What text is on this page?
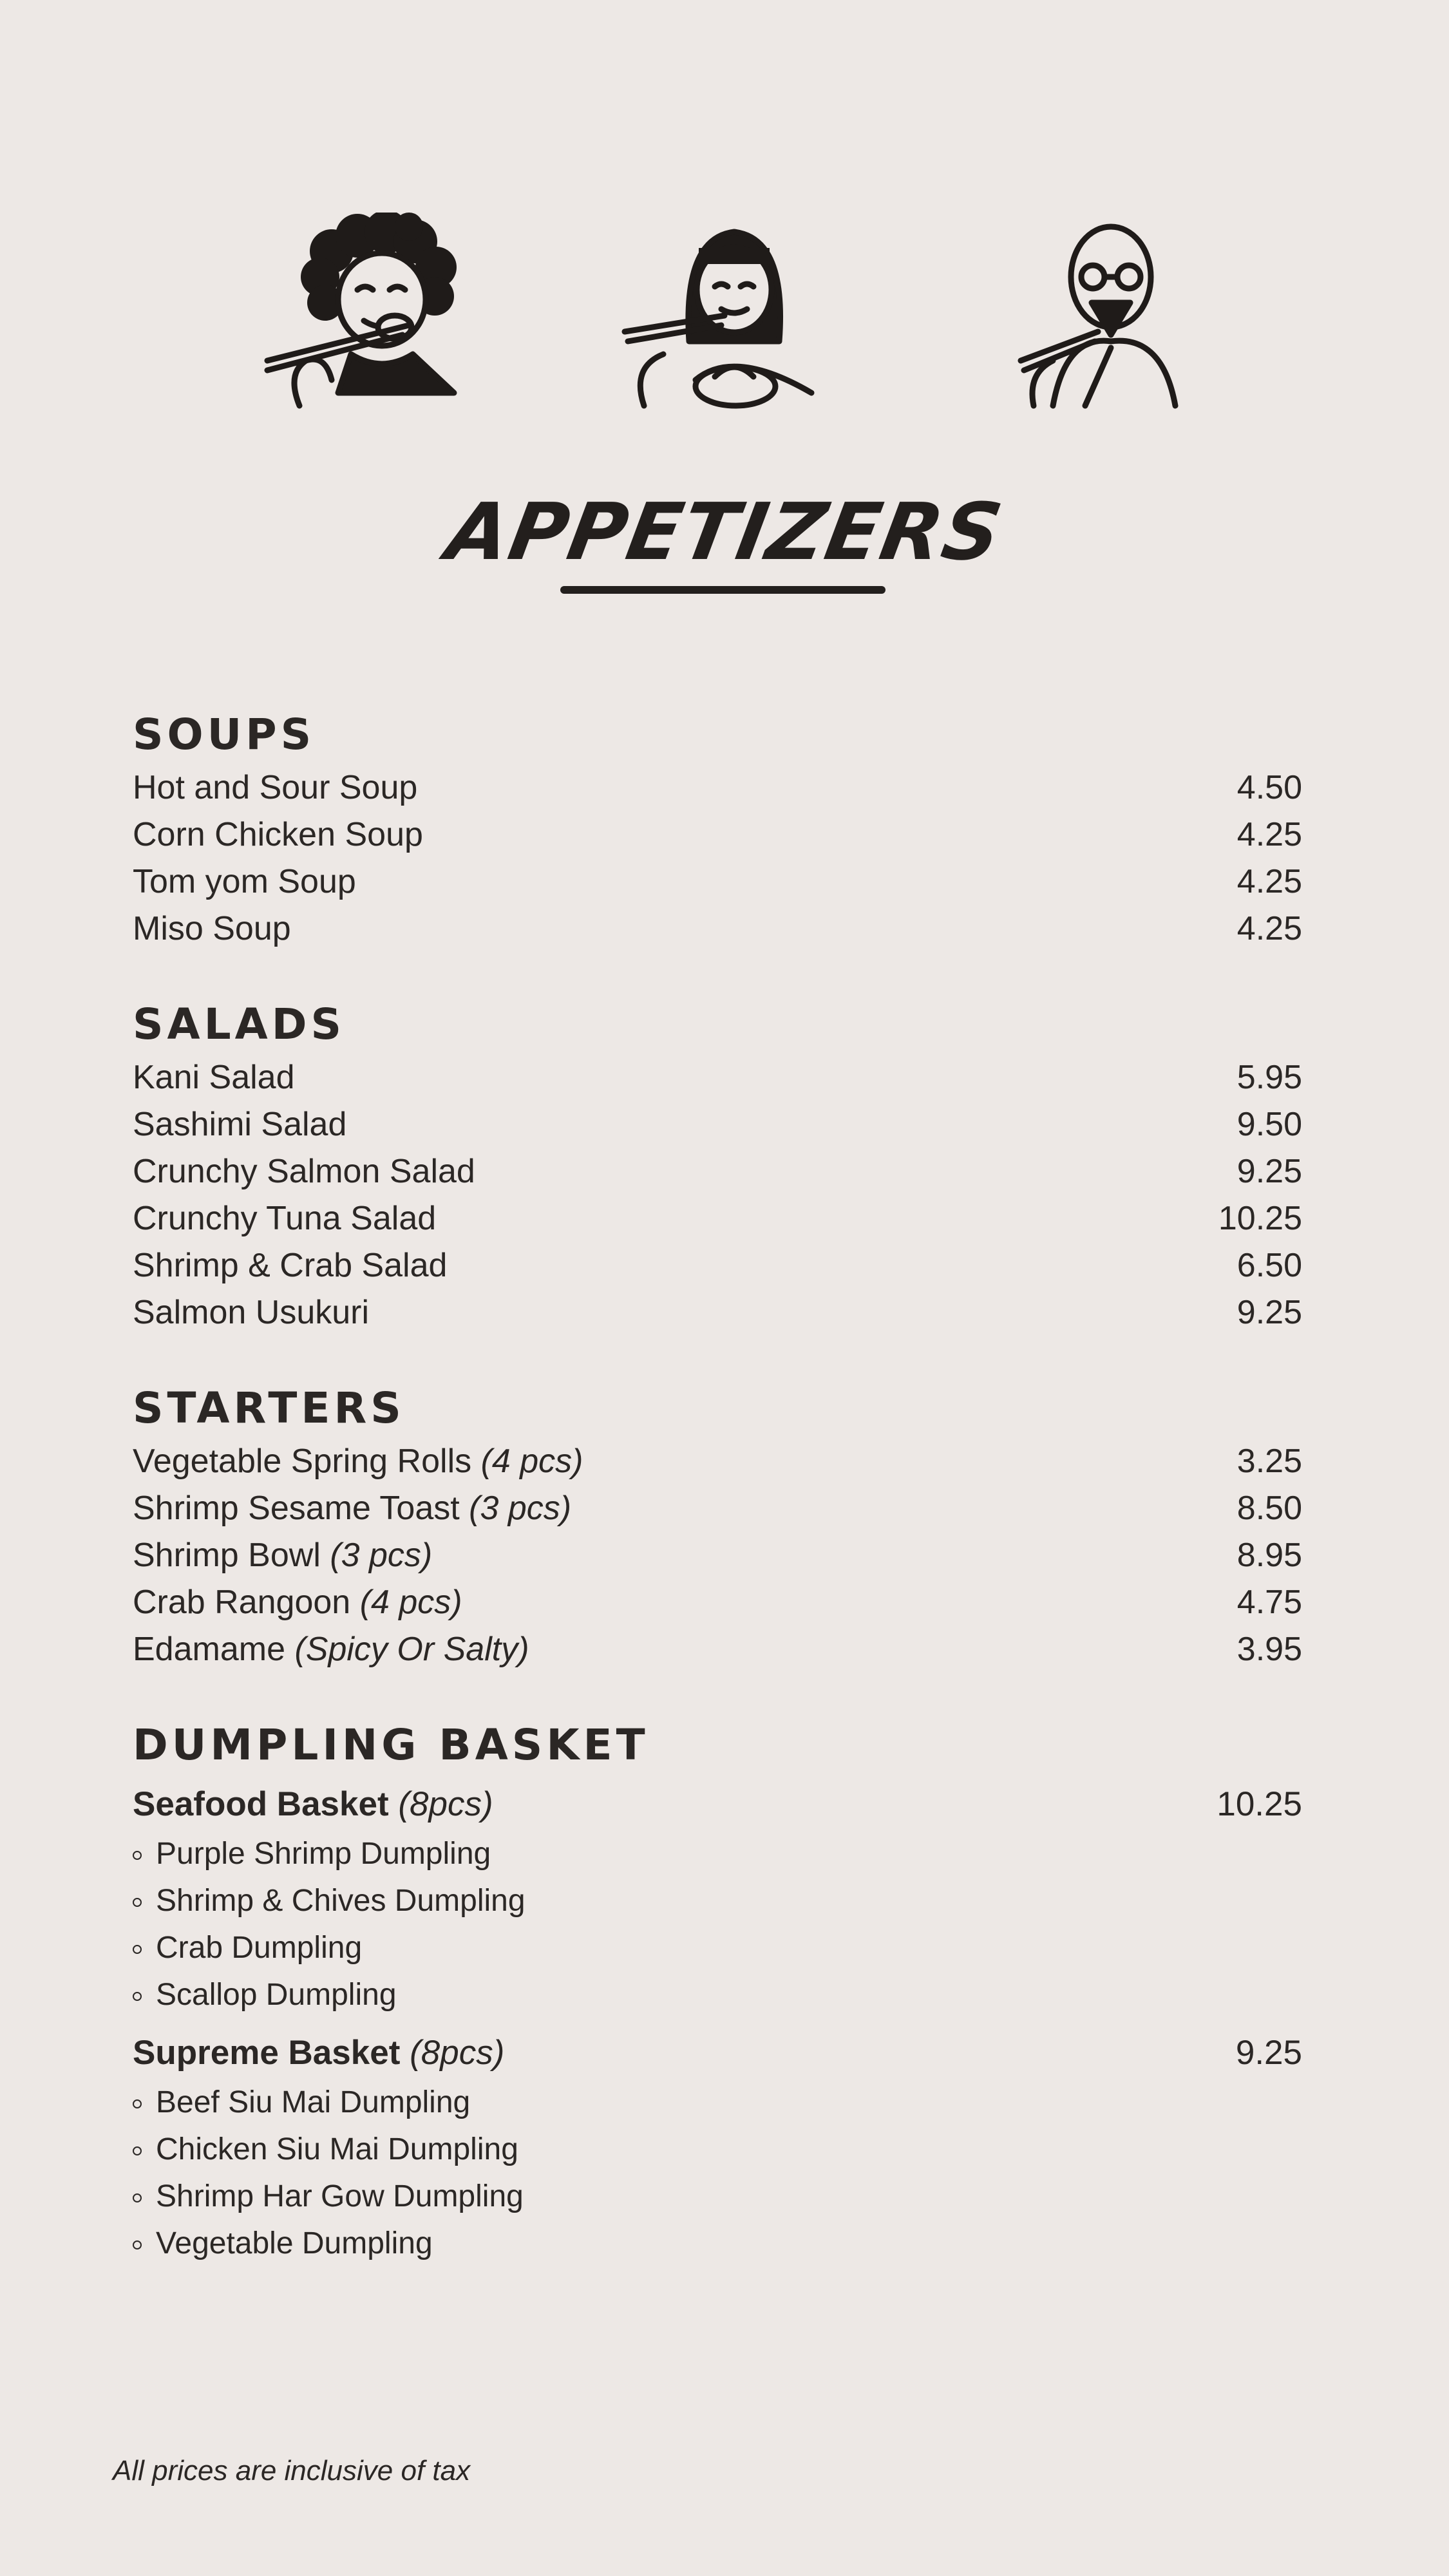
APPETIZERS
SOUPS
Hot and Sour Soup	4.50
Corn Chicken Soup	4.25
Tom yom Soup	4.25
Miso Soup	4.25
SALADS
Kani Salad	5.95
Sashimi Salad	9.50
Crunchy Salmon Salad	9.25
Crunchy Tuna Salad	10.25
Shrimp & Crab Salad	6.50
Salmon Usukuri	9.25
STARTERS
Vegetable Spring Rolls (4 pcs)	3.25
Shrimp Sesame Toast (3 pcs)	8.50
Shrimp Bowl (3 pcs)	8.95
Crab Rangoon (4 pcs)	4.75
Edamame (Spicy Or Salty)	3.95
DUMPLING BASKET
Seafood Basket (8pcs)	10.25
Purple Shrimp Dumpling
Shrimp & Chives Dumpling
Crab Dumpling
Scallop Dumpling
Supreme Basket (8pcs)	9.25
Beef Siu Mai Dumpling
Chicken Siu Mai Dumpling
Shrimp Har Gow Dumpling
Vegetable Dumpling
All prices are inclusive of tax
